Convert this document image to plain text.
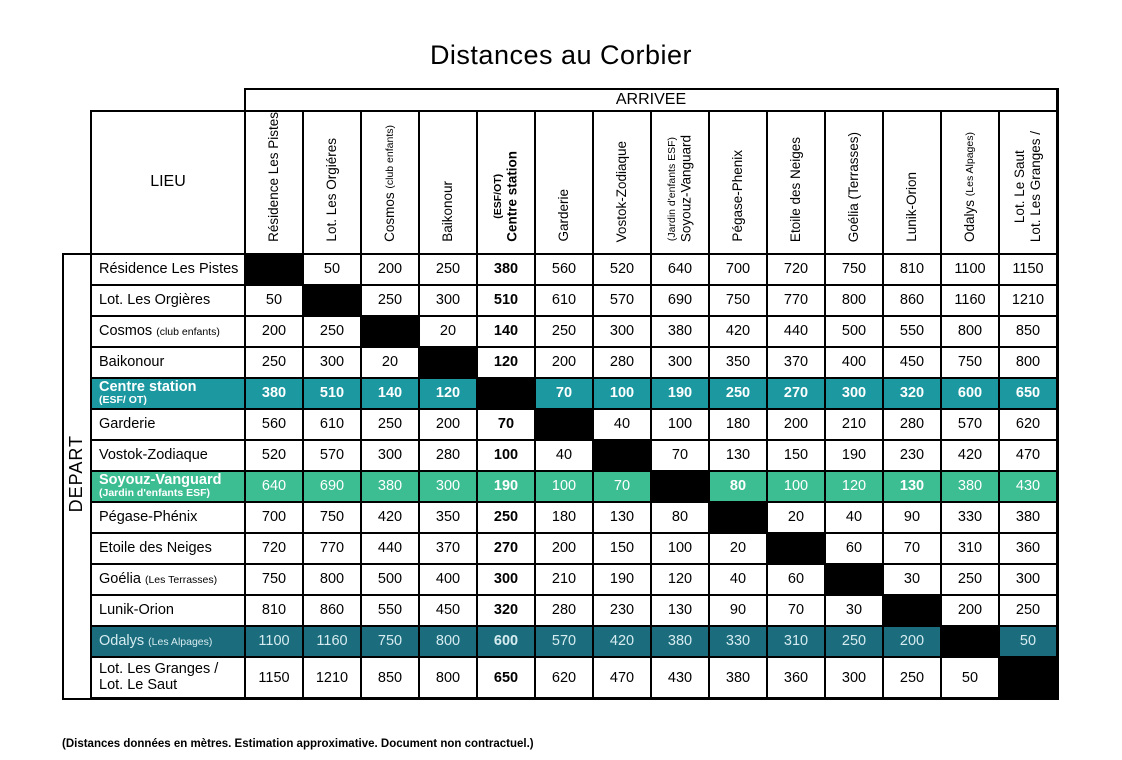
Distances au Corbier
		ARRIVEE													
	LIEU	Résidence Les Pistes	Lot. Les Orgiéres	Cosmos (club enfants)	Baikonour	Centre station
(ESF/OT)	Garderie	Vostok-Zodiaque	Soyouz-Vanguard
(Jardin d'enfants ESF)	Pégase-Phenix	Etoile des Neiges	Goélia (Terrasses)	Lunik-Orion	Odalys (Les Alpages)	Lot. Les Granges /
Lot. Le Saut

DEPART	Résidence Les Pistes		50	200	250	380	560	520	640	700	720	750	810	1100	1150
	Lot. Les Orgières	50		250	300	510	610	570	690	750	770	800	860	1160	1210
	Cosmos (club enfants)	200	250		20	140	250	300	380	420	440	500	550	800	850
	Baikonour	250	300	20		120	200	280	300	350	370	400	450	750	800
	Centre station
(ESF/ OT)	380	510	140	120		70	100	190	250	270	300	320	600	650
	Garderie	560	610	250	200	70		40	100	180	200	210	280	570	620
	Vostok-Zodiaque	520	570	300	280	100	40		70	130	150	190	230	420	470
	Soyouz-Vanguard
(Jardin d'enfants ESF)	640	690	380	300	190	100	70		80	100	120	130	380	430
	Pégase-Phénix	700	750	420	350	250	180	130	80		20	40	90	330	380
	Etoile des Neiges	720	770	440	370	270	200	150	100	20		60	70	310	360
	Goélia (Les Terrasses)	750	800	500	400	300	210	190	120	40	60		30	250	300
	Lunik-Orion	810	860	550	450	320	280	230	130	90	70	30		200	250
	Odalys (Les Alpages)	1100	1160	750	800	600	570	420	380	330	310	250	200		50
	Lot. Les Granges /
Lot. Le Saut	1150	1210	850	800	650	620	470	430	380	360	300	250	50	
(Distances données en mètres. Estimation approximative. Document non contractuel.)
